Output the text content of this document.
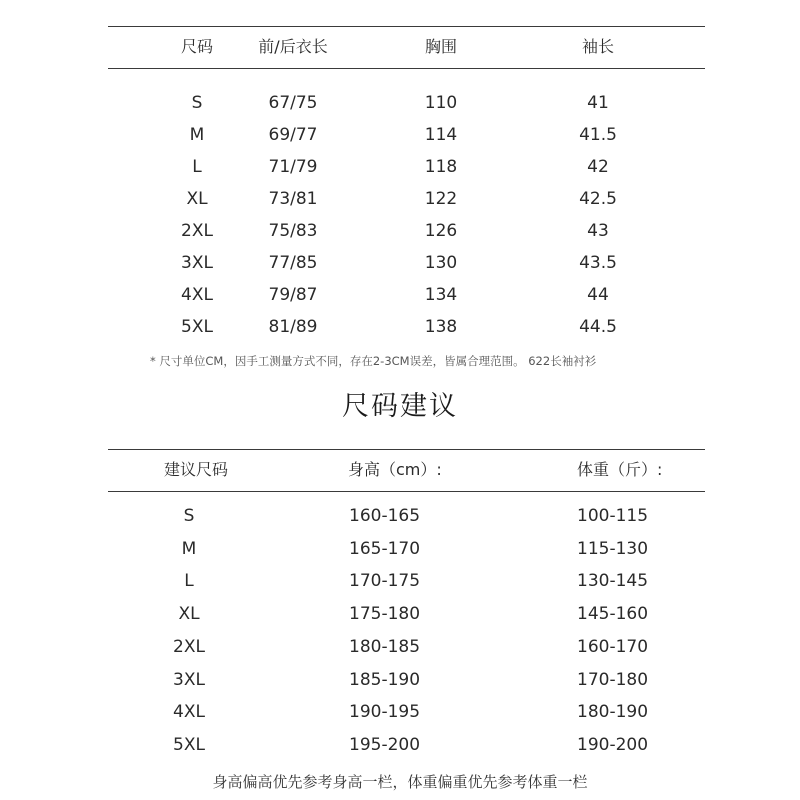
尺码	前/后衣长	胸围	袖长
S	67/75	110	41
M	69/77	114	41.5
L	71/79	118	42
XL	73/81	122	42.5
2XL	75/83	126	43
3XL	77/85	130	43.5
4XL	79/87	134	44
5XL	81/89	138	44.5
* 尺寸单位CM，因手工测量方式不同，存在2-3CM误差，皆属合理范围。 622长袖衬衫
尺码建议
建议尺码	身高（cm）:	体重（斤）:
S	160-165	100-115
M	165-170	115-130
L	170-175	130-145
XL	175-180	145-160
2XL	180-185	160-170
3XL	185-190	170-180
4XL	190-195	180-190
5XL	195-200	190-200
身高偏高优先参考身高一栏，体重偏重优先参考体重一栏
